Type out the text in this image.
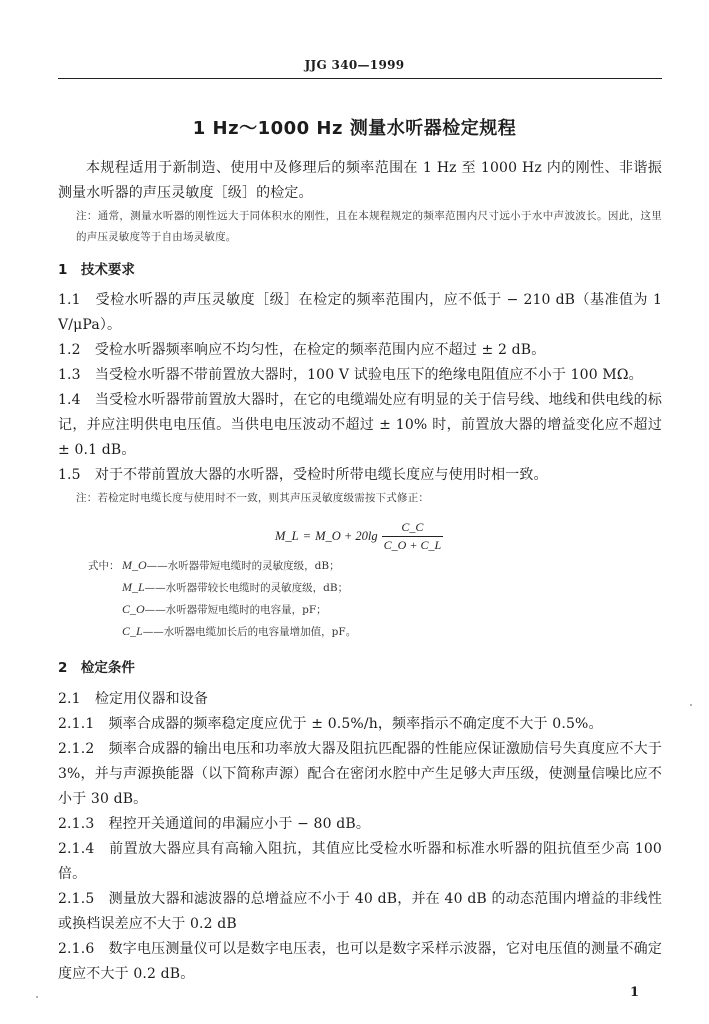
JJG 340—1999
1 Hz～1000 Hz 测量水听器检定规程

本规程适用于新制造、使用中及修理后的频率范围在 1 Hz 至 1000 Hz 内的刚性、非谐振测量水听器的声压灵敏度［级］的检定。

注：通常，测量水听器的刚性远大于同体积水的刚性，且在本规程规定的频率范围内尺寸远小于水中声波波长。因此，这里的声压灵敏度等于自由场灵敏度。

1　技术要求

1.1　受检水听器的声压灵敏度［级］在检定的频率范围内，应不低于 − 210 dB（基准值为 1 V/μPa）。

1.2　受检水听器频率响应不均匀性，在检定的频率范围内应不超过 ± 2 dB。

1.3　当受检水听器不带前置放大器时，100 V 试验电压下的绝缘电阻值应不小于 100 MΩ。

1.4　当受检水听器带前置放大器时，在它的电缆端处应有明显的关于信号线、地线和供电线的标记，并应注明供电电压值。当供电电压波动不超过 ± 10% 时，前置放大器的增益变化应不超过 ± 0.1 dB。

1.5　对于不带前置放大器的水听器，受检时所带电缆长度应与使用时相一致。

注：若检定时电缆长度与使用时不一致，则其声压灵敏度级需按下式修正：

M_L = M_O + $20\lg \frac{C\_C}{C\_O + C\_L}$
式中： M_O——水听器带短电缆时的灵敏度级，dB；
M_L——水听器带较长电缆时的灵敏度级，dB；
C_O——水听器带短电缆时的电容量，pF；
C_L——水听器电缆加长后的电容量增加值，pF。

2　检定条件

2.1　检定用仪器和设备

2.1.1　频率合成器的频率稳定度应优于 ± 0.5%/h，频率指示不确定度不大于 0.5%。

2.1.2　频率合成器的输出电压和功率放大器及阻抗匹配器的性能应保证激励信号失真度应不大于 3%，并与声源换能器（以下简称声源）配合在密闭水腔中产生足够大声压级，使测量信噪比应不小于 30 dB。

2.1.3　程控开关通道间的串漏应小于 − 80 dB。

2.1.4　前置放大器应具有高输入阻抗，其值应比受检水听器和标准水听器的阻抗值至少高 100 倍。

2.1.5　测量放大器和滤波器的总增益应不小于 40 dB，并在 40 dB 的动态范围内增益的非线性或换档误差应不大于 0.2 dB

2.1.6　数字电压测量仪可以是数字电压表，也可以是数字采样示波器，它对电压值的测量不确定度应不大于 0.2 dB。

1
